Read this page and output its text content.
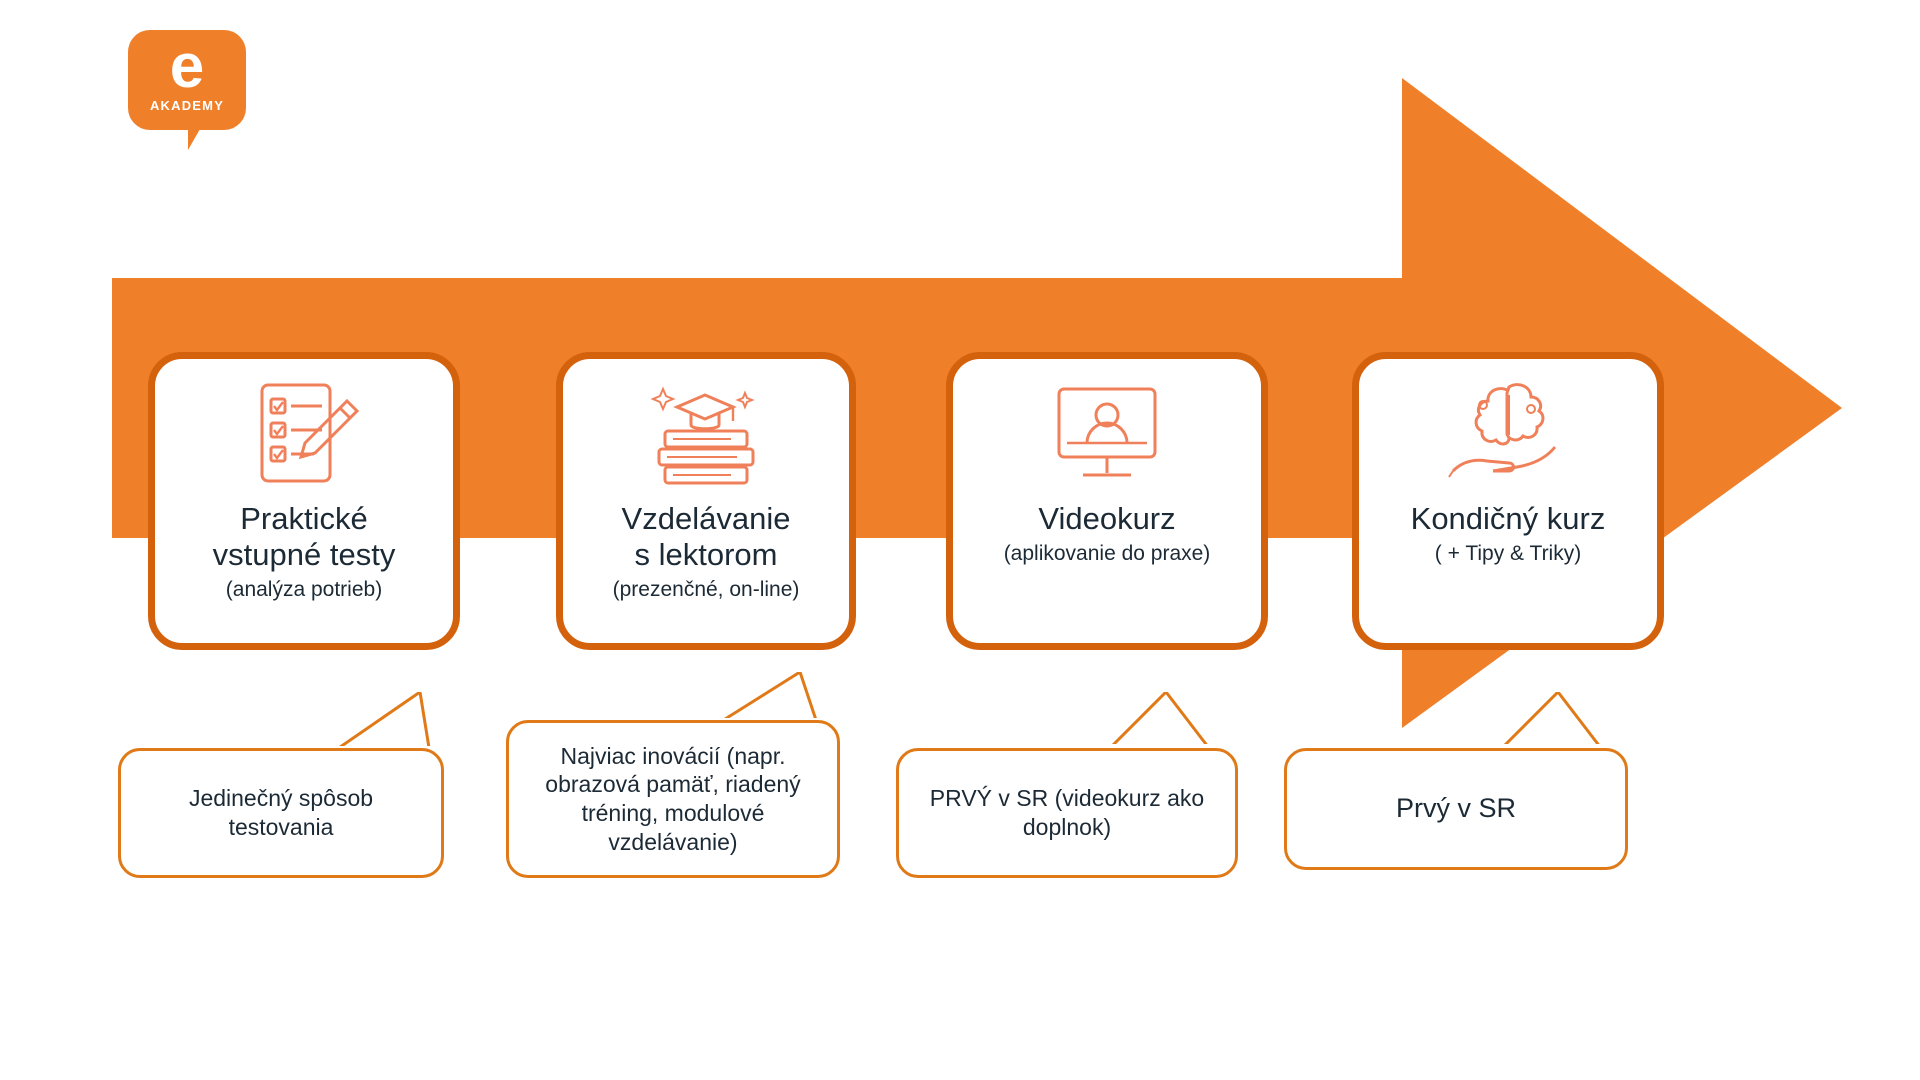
e
AKADEMY
Praktické
vstupné testy
(analýza potrieb)
Vzdelávanie
s lektorom
(prezenčné, on-line)
Videokurz
(aplikovanie do praxe)
Kondičný kurz
( + Tipy & Triky)
Jedinečný spôsob testovania
Najviac inovácií (napr. obrazová pamäť, riadený tréning, modulové vzdelávanie)
PRVÝ v SR (videokurz ako doplnok)
Prvý v SR
